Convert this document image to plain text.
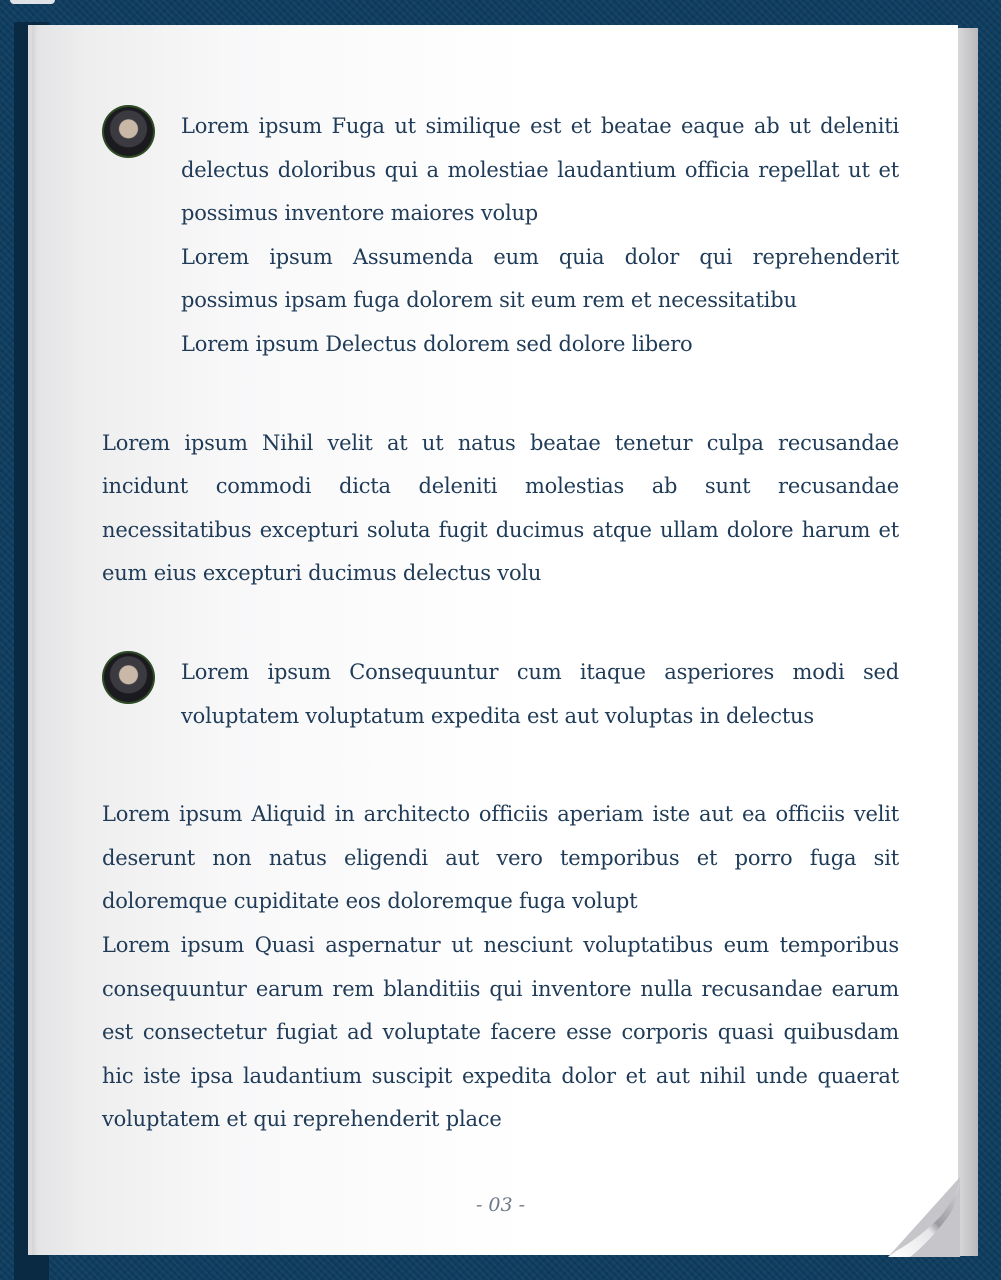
Lorem ipsum Fuga ut similique est et beatae eaque ab ut deleniti delectus doloribus qui a molestiae laudantium officia repellat ut et possimus inventore maiores volup

Lorem ipsum Assumenda eum quia dolor qui reprehenderit possimus ipsam fuga dolorem sit eum rem et necessitatibu

Lorem ipsum Delectus dolorem sed dolore libero

Lorem ipsum Nihil velit at ut natus beatae tenetur culpa recusandae incidunt commodi dicta deleniti molestias ab sunt recusandae necessitatibus excepturi soluta fugit ducimus atque ullam dolore harum et eum eius excepturi ducimus delectus volu

Lorem ipsum Consequuntur cum itaque asperiores modi sed voluptatem voluptatum expedita est aut voluptas in delectus

Lorem ipsum Aliquid in architecto officiis aperiam iste aut ea officiis velit deserunt non natus eligendi aut vero temporibus et porro fuga sit doloremque cupiditate eos doloremque fuga volupt

Lorem ipsum Quasi aspernatur ut nesciunt voluptatibus eum temporibus consequuntur earum rem blanditiis qui inventore nulla recusandae earum est consectetur fugiat ad voluptate facere esse corporis quasi quibusdam hic iste ipsa laudantium suscipit expedita dolor et aut nihil unde quaerat voluptatem et qui reprehenderit place

- 03 -
